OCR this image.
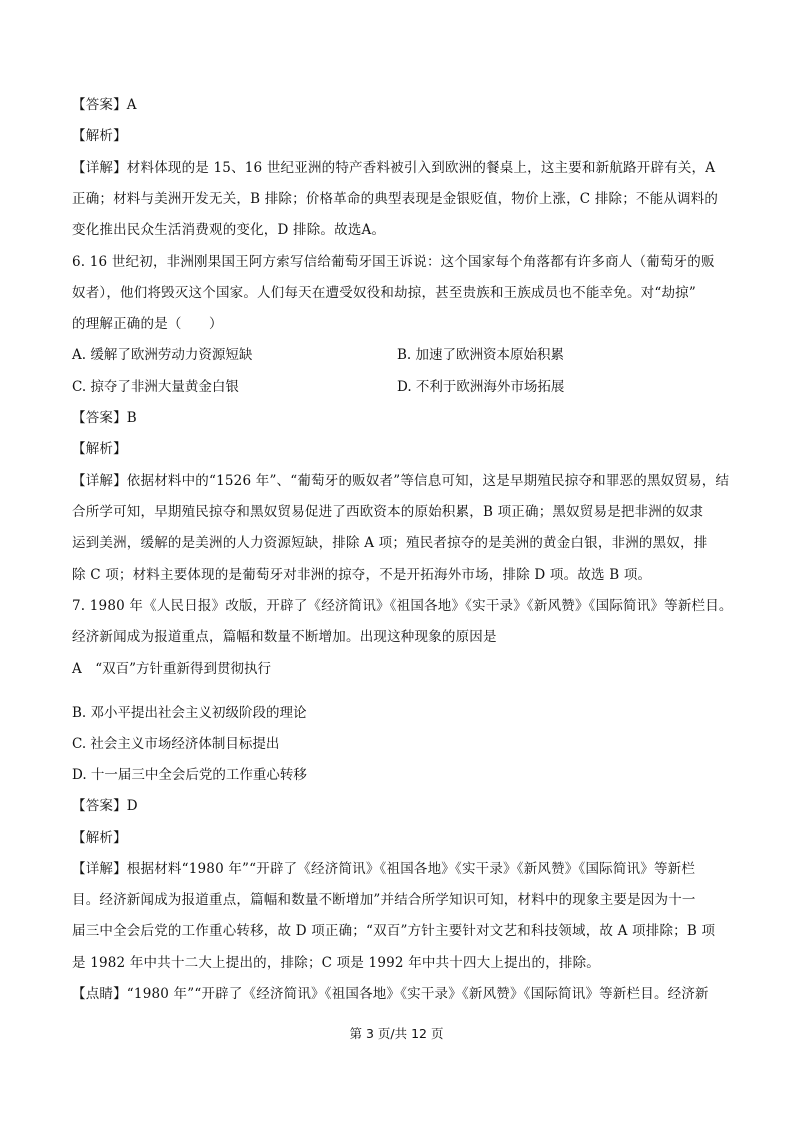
【答案】A
【解析】
【详解】材料体现的是 15、16 世纪亚洲的特产香料被引入到欧洲的餐桌上，这主要和新航路开辟有关，A
正确；材料与美洲开发无关，B 排除；价格革命的典型表现是金银贬值，物价上涨，C 排除；不能从调料的
变化推出民众生活消费观的变化，D 排除。故选A。
6. 16 世纪初，非洲刚果国王阿方索写信给葡萄牙国王诉说：这个国家每个角落都有许多商人（葡萄牙的贩
奴者），他们将毁灭这个国家。人们每天在遭受奴役和劫掠，甚至贵族和王族成员也不能幸免。对“劫掠”
的理解正确的是（　　）
A. 缓解了欧洲劳动力资源短缺	B. 加速了欧洲资本原始积累
C. 掠夺了非洲大量黄金白银	D. 不利于欧洲海外市场拓展
【答案】B
【解析】
【详解】依据材料中的“1526 年”、“葡萄牙的贩奴者”等信息可知，这是早期殖民掠夺和罪恶的黑奴贸易，结
合所学可知，早期殖民掠夺和黑奴贸易促进了西欧资本的原始积累，B 项正确；黑奴贸易是把非洲的奴隶
运到美洲，缓解的是美洲的人力资源短缺，排除 A 项；殖民者掠夺的是美洲的黄金白银，非洲的黑奴，排
除 C 项；材料主要体现的是葡萄牙对非洲的掠夺，不是开拓海外市场，排除 D 项。故选 B 项。
7. 1980 年《人民日报》改版，开辟了《经济简讯》《祖国各地》《实干录》《新风赞》《国际简讯》等新栏目。
经济新闻成为报道重点，篇幅和数量不断增加。出现这种现象的原因是
A　“双百”方针重新得到贯彻执行
B. 邓小平提出社会主义初级阶段的理论
C. 社会主义市场经济体制目标提出
D. 十一届三中全会后党的工作重心转移
【答案】D
【解析】
【详解】根据材料“1980 年”“开辟了《经济简讯》《祖国各地》《实干录》《新风赞》《国际简讯》等新栏
目。经济新闻成为报道重点，篇幅和数量不断增加”并结合所学知识可知，材料中的现象主要是因为十一
届三中全会后党的工作重心转移，故 D 项正确；“双百”方针主要针对文艺和科技领域，故 A 项排除；B 项
是 1982 年中共十二大上提出的，排除；C 项是 1992 年中共十四大上提出的，排除。
【点睛】“1980 年”“开辟了《经济简讯》《祖国各地》《实干录》《新风赞》《国际简讯》等新栏目。经济新
第 3 页/共 12 页
